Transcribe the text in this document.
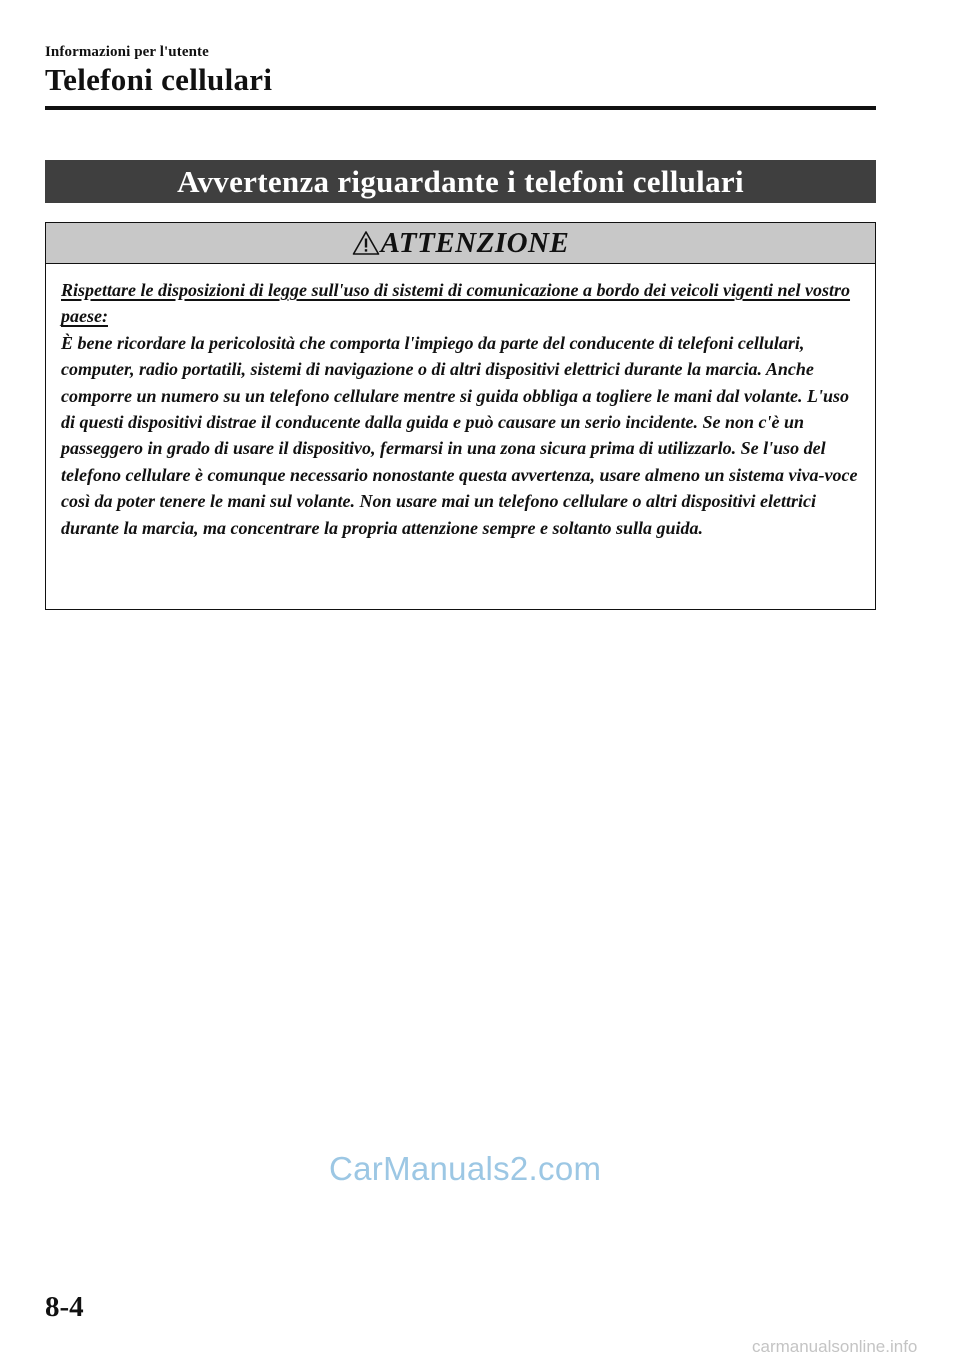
Informazioni per l'utente
Telefoni cellulari
Avvertenza riguardante i telefoni cellulari
ATTENZIONE
Rispettare le disposizioni di legge sull'uso di sistemi di comunicazione a bordo dei veicoli vigenti nel vostro paese:
È bene ricordare la pericolosità che comporta l'impiego da parte del conducente di telefoni cellulari, computer, radio portatili, sistemi di navigazione o di altri dispositivi elettrici durante la marcia. Anche comporre un numero su un telefono cellulare mentre si guida obbliga a togliere le mani dal volante. L'uso di questi dispositivi distrae il conducente dalla guida e può causare un serio incidente. Se non c'è un passeggero in grado di usare il dispositivo, fermarsi in una zona sicura prima di utilizzarlo. Se l'uso del telefono cellulare è comunque necessario nonostante questa avvertenza, usare almeno un sistema viva-voce così da poter tenere le mani sul volante. Non usare mai un telefono cellulare o altri dispositivi elettrici durante la marcia, ma concentrare la propria attenzione sempre e soltanto sulla guida.
CarManuals2.com
8-4
carmanualsonline.info
